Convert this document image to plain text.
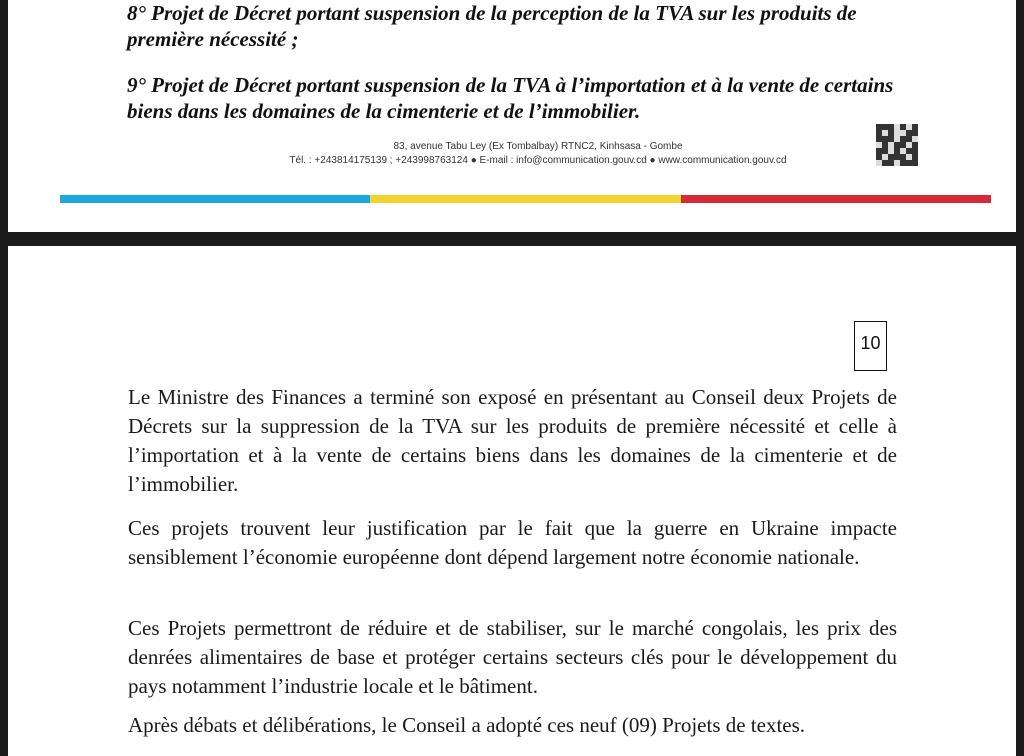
8° Projet de Décret portant suspension de la perception de la TVA sur les produits de première nécessité ;

9° Projet de Décret portant suspension de la TVA à l’importation et à la vente de certains biens dans les domaines de la cimenterie et de l’immobilier.

83, avenue Tabu Ley (Ex Tombalbay) RTNC2, Kinhsasa - Gombe
Tél. : +243814175139 ; +243998763124 ● E-mail : info@communication.gouv.cd ● www.communication.gouv.cd
10

Le Ministre des Finances a terminé son exposé en présentant au Conseil deux Projets de Décrets sur la suppression de la TVA sur les produits de première nécessité et celle à l’importation et à la vente de certains biens dans les domaines de la cimenterie et de l’immobilier.

Ces projets trouvent leur justification par le fait que la guerre en Ukraine impacte sensiblement l’économie européenne dont dépend largement notre économie nationale.

Ces Projets permettront de réduire et de stabiliser, sur le marché congolais, les prix des denrées alimentaires de base et protéger certains secteurs clés pour le développement du pays notamment l’industrie locale et le bâtiment.

Après débats et délibérations, le Conseil a adopté ces neuf (09) Projets de textes.
